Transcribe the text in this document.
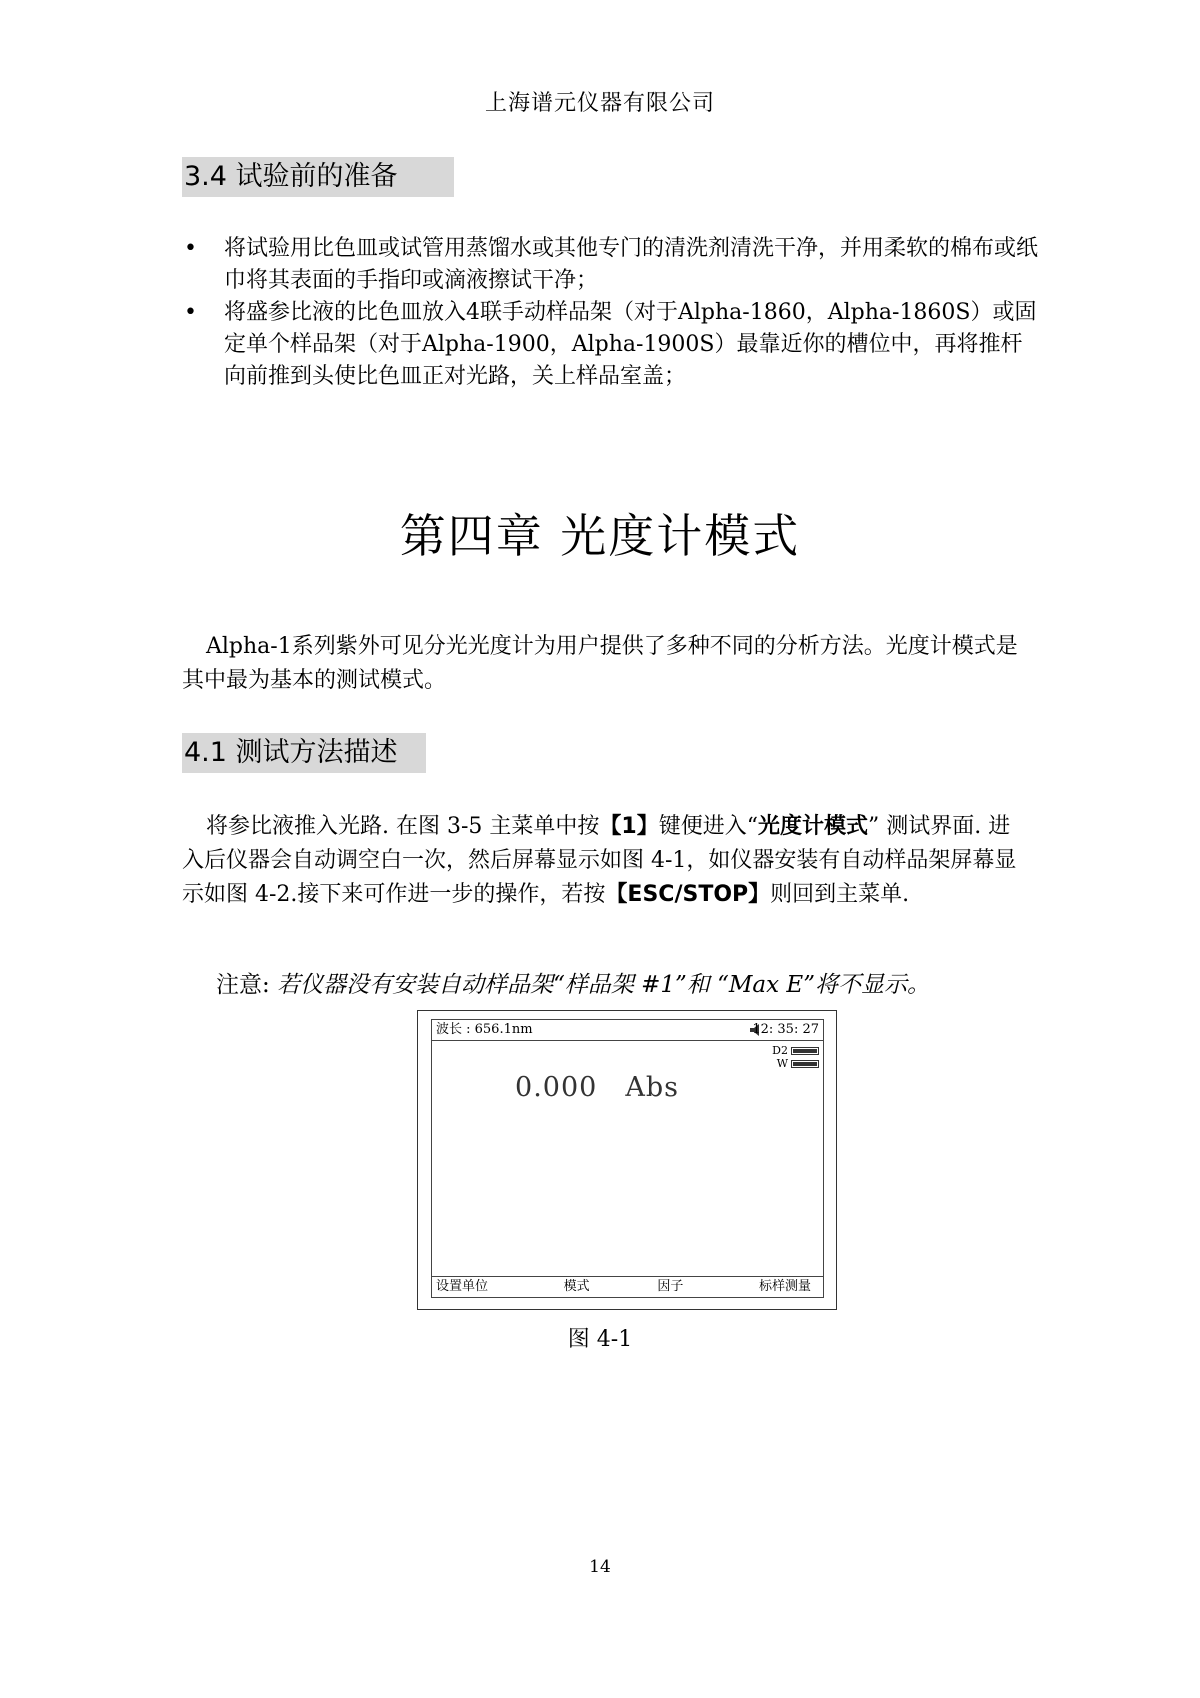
上海谱元仪器有限公司
3.4 试验前的准备
• 将试验用比色皿或试管用蒸馏水或其他专门的清洗剂清洗干净，并用柔软的棉布或纸巾将其表面的手指印或滴液擦试干净；
• 将盛参比液的比色皿放入4联手动样品架（对于Alpha-1860，Alpha-1860S）或固定单个样品架（对于Alpha-1900，Alpha-1900S）最靠近你的槽位中，再将推杆向前推到头使比色皿正对光路，关上样品室盖；
第四章 光度计模式

Alpha-1系列紫外可见分光光度计为用户提供了多种不同的分析方法。光度计模式是其中最为基本的测试模式。

4.1 测试方法描述

将参比液推入光路. 在图 3-5 主菜单中按【1】键便进入“光度计模式” 测试界面. 进入后仪器会自动调空白一次，然后屏幕显示如图 4-1，如仪器安装有自动样品架屏幕显示如图 4-2.接下来可作进一步的操作，若按【ESC/STOP】则回到主菜单.

注意: 若仪器没有安装自动样品架“样品架 #1”和 “Max E”将不显示。
波长 : 656.1nm	12: 35: 27
D2
W
0.000 Abs
设置单位	模式	因子	标样测量
图 4-1
14
